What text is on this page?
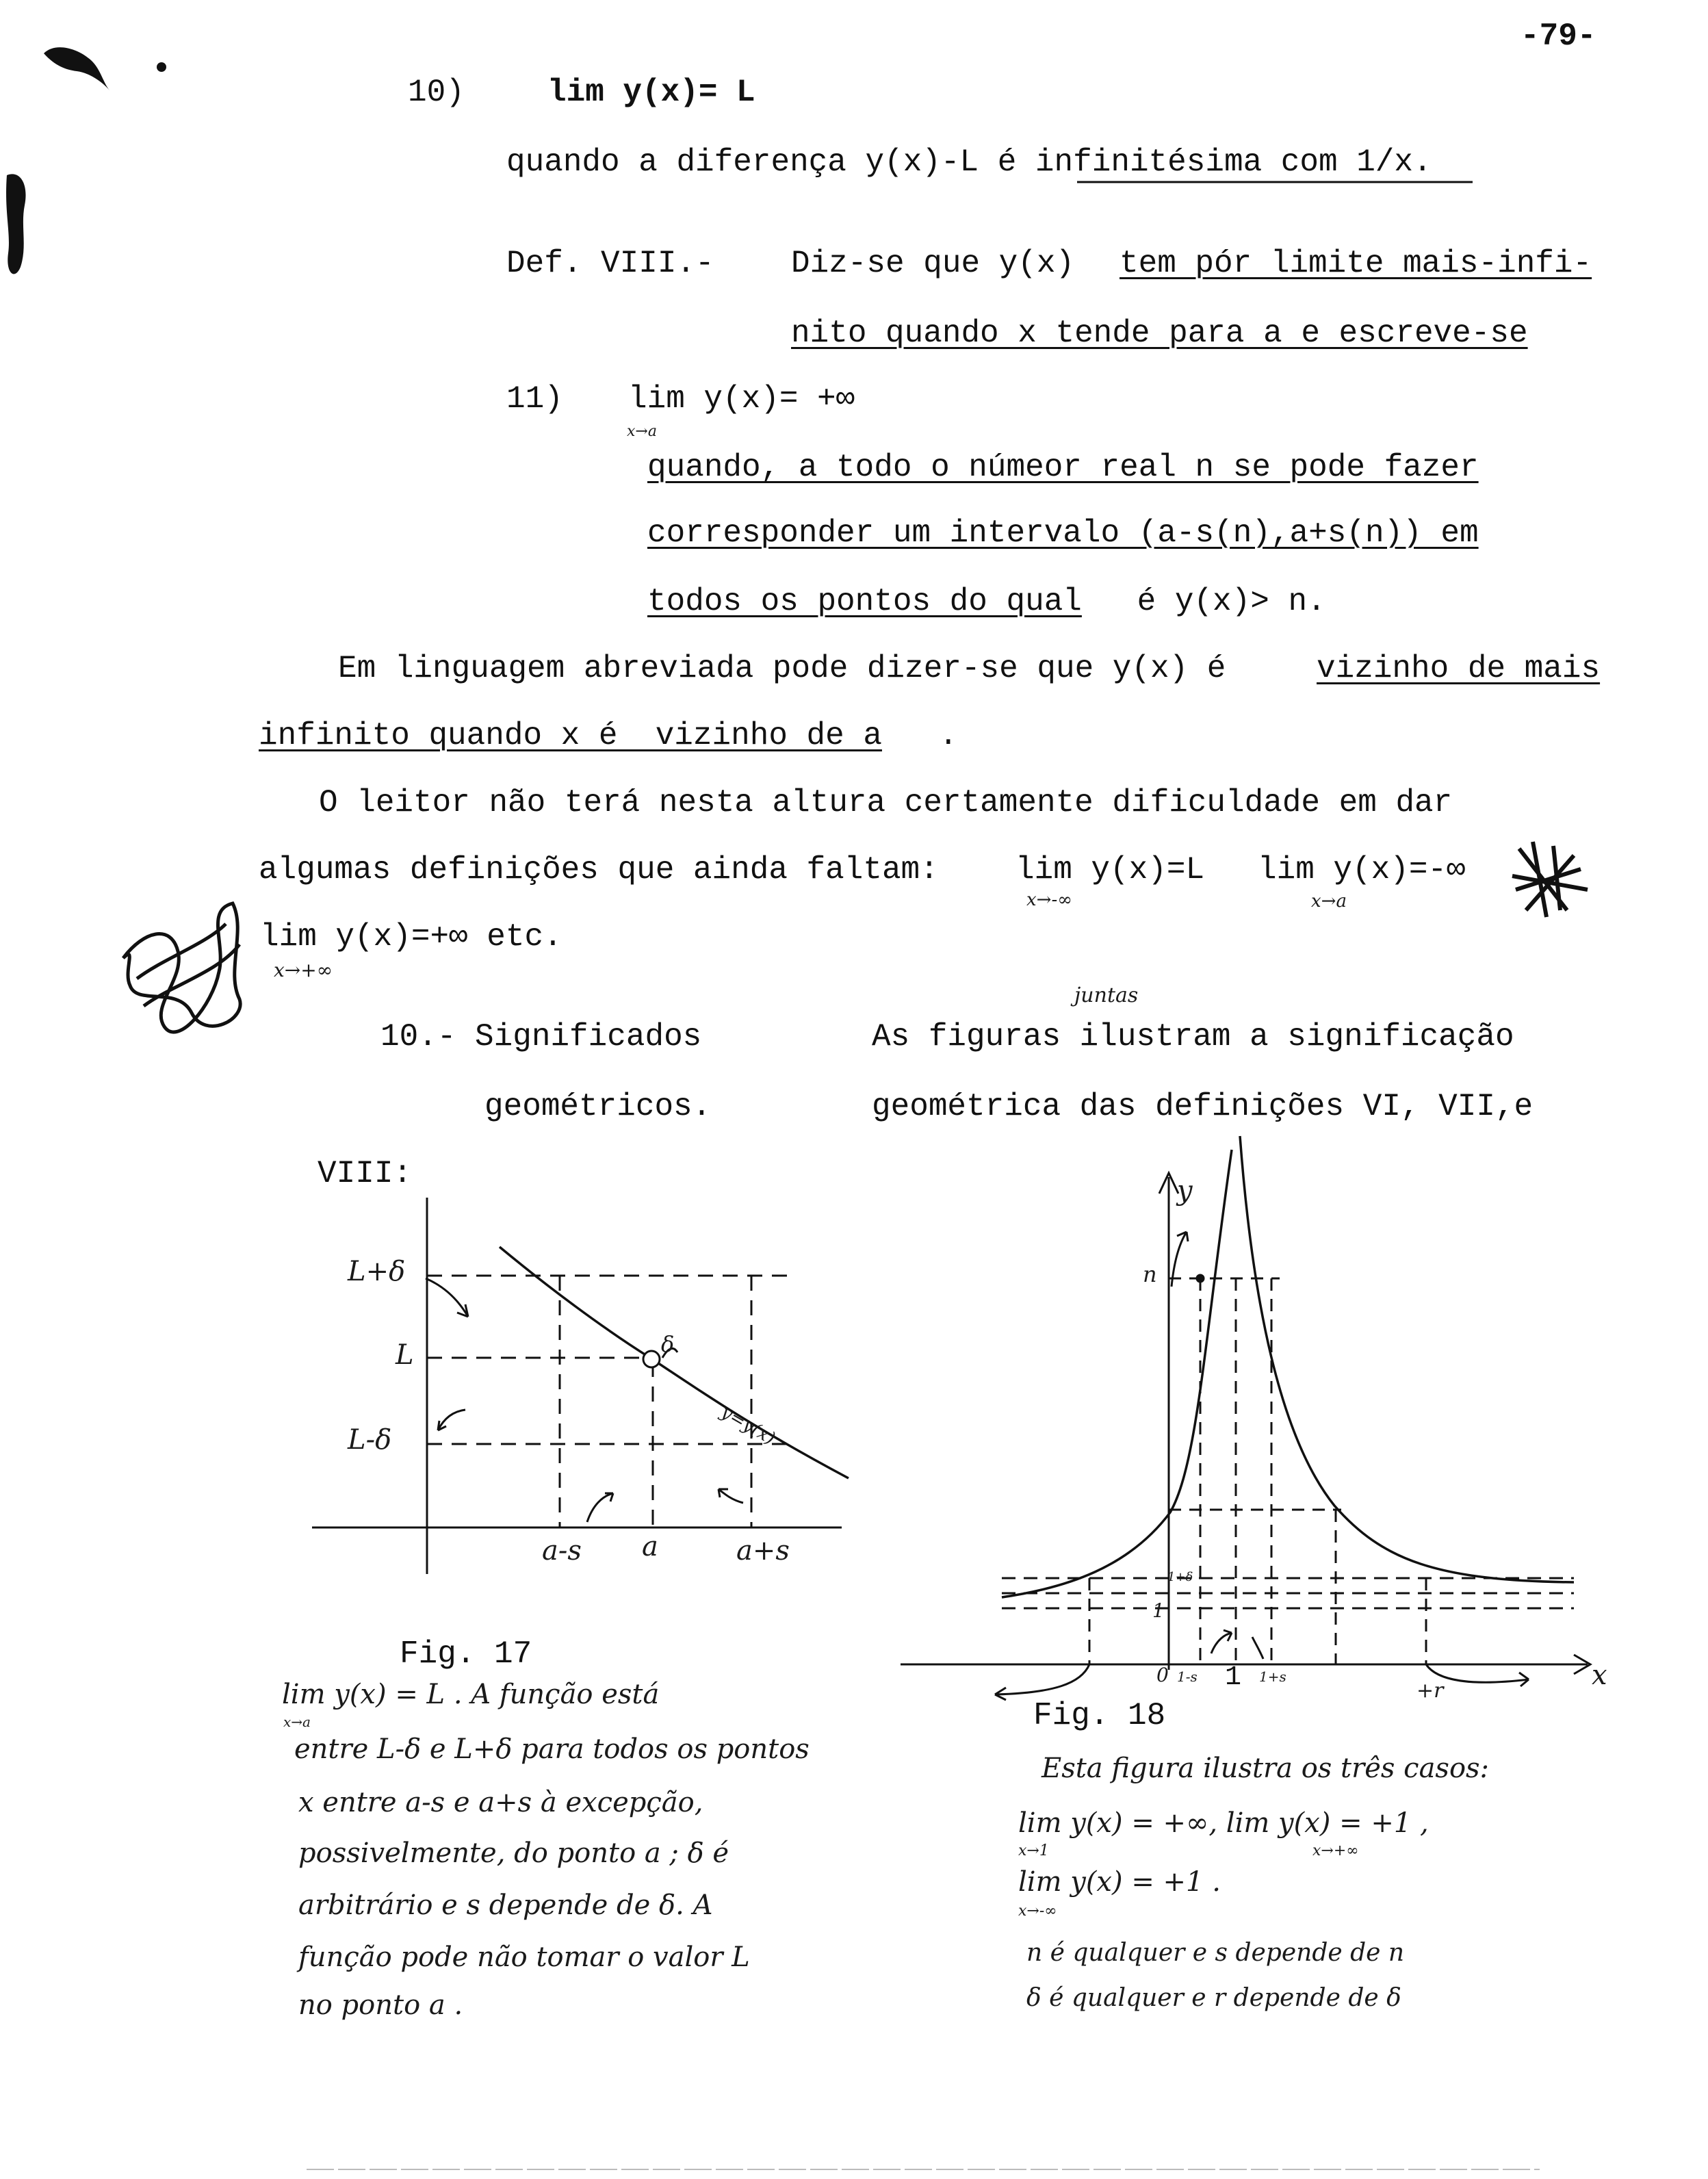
-79-
10)	lim y(x)= L
quando a diferença y(x)-L é infinitésima com 1/x.
Def. VIII.- Diz-se que y(x) tem pór limite mais-infi-
nito quando x tende para a e escreve-se
11) lim y(x)= +∞
x→a
quando, a todo o númeor real n se pode fazer
corresponder um intervalo (a-s(n),a+s(n)) em
todos os pontos do qual é y(x)> n.
Em linguagem abreviada pode dizer-se que y(x) é vizinho de mais
infinito quando x é  vizinho de a .
O leitor não terá nesta altura certamente dificuldade em dar
algumas definições que ainda faltam: lim y(x)=L
x→-∞
lim y(x)=-∞
x→a
lim y(x)=+∞ etc.
x→+∞
10.- Significados
geométricos.
As figuras ilustram a significação
juntas
geométrica das definições VI, VII,e
VIII:
L+δ
L
L-δ
a-s a	a+s
δ
y=y(x)
Fig. 17
lim y(x) = L . A função está
x→a
entre L-δ e L+δ para todos os pontos
x entre a-s e a+s à excepção,
possivelmente, do ponto a ; δ é
arbitrário e s depende de δ. A
função pode não tomar o valor L
no ponto a .
y
n
1+δ
1
0 1-s 1 1+s
+r	x
Fig. 18
Esta figura ilustra os três casos:
lim y(x) = +∞, lim y(x) = +1 ,
x→1	x→+∞
lim y(x) = +1 .
x→-∞
n é qualquer e s depende de n
δ é qualquer e r depende de δ
